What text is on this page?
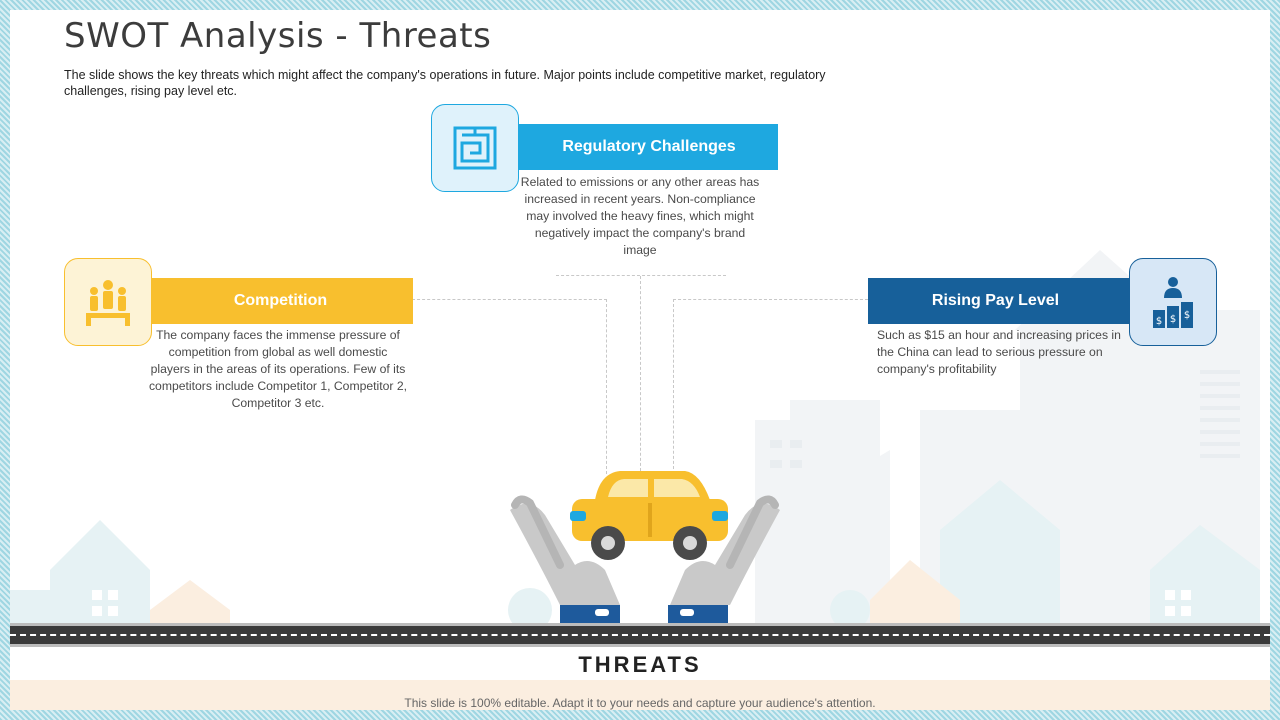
SWOT Analysis - Threats

The slide shows the key threats which might affect the company's operations in future. Major points include competitive market, regulatory challenges, rising pay level etc.

Regulatory Challenges
Related to emissions or any other areas has increased in recent years. Non-compliance may involved the heavy fines, which might negatively impact the company's brand image
Competition
The company faces the immense pressure of competition from global as well domestic players in the areas of its operations. Few of its competitors include Competitor 1, Competitor 2, Competitor 3 etc.
Rising Pay Level
$ $ $
Such as $15 an hour and increasing prices in the China can lead to serious pressure on company's profitability
THREATS
This slide is 100% editable. Adapt it to your needs and capture your audience's attention.
